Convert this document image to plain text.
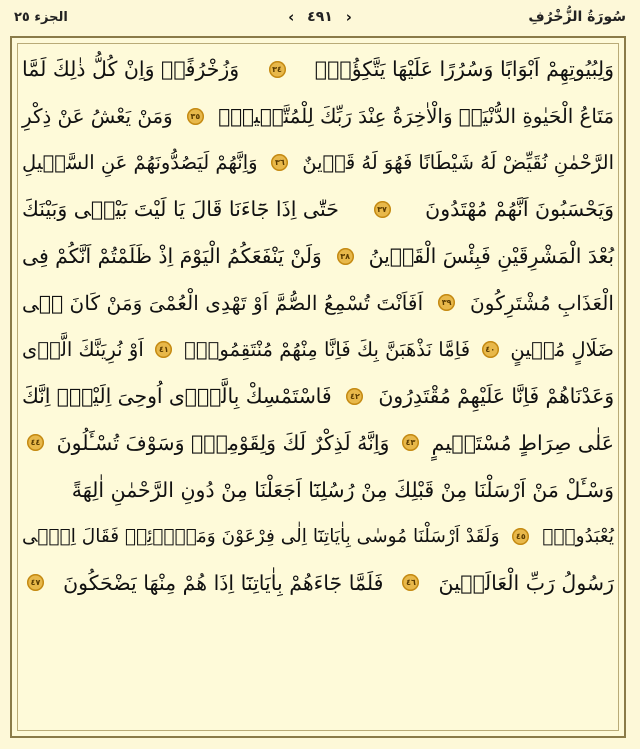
الجزء ٢٥	‹ ٤٩١ ›	سُورَةُ الزُّخْرُفِ
وَلِبُيُوتِهِمْ اَبْوَابًا وَسُرُرًا عَلَيْهَا يَتَّكِؤُنَۙ
٣٤
وَزُخْرُفًاۜ وَاِنْ كُلُّ ذٰلِكَ لَمَّا
مَتَاعُ الْحَيٰوةِ الدُّنْيَاۜ وَالْاٰخِرَةُ عِنْدَ رَبِّكَ لِلْمُتَّقٖينَ۟
٣٥
وَمَنْ يَعْشُ عَنْ ذِكْرِ
الرَّحْمٰنِ نُقَيِّضْ لَهُ شَيْطَانًا فَهُوَ لَهُ قَرٖينٌ
٣٦
وَاِنَّهُمْ لَيَصُدُّونَهُمْ عَنِ السَّبٖيلِ
وَيَحْسَبُونَ اَنَّهُمْ مُهْتَدُونَ
٣٧
حَتّٰى اِذَا جَٓاءَنَا قَالَ يَا لَيْتَ بَيْنٖى وَبَيْنَكَ
بُعْدَ الْمَشْرِقَيْنِ فَبِئْسَ الْقَرٖينُ
٣٨
وَلَنْ يَنْفَعَكُمُ الْيَوْمَ اِذْ ظَلَمْتُمْ اَنَّكُمْ فِى
الْعَذَابِ مُشْتَرِكُونَ
٣٩
اَفَاَنْتَ تُسْمِعُ الصُّمَّ اَوْ تَهْدِى الْعُمْىَ وَمَنْ كَانَ فٖى
ضَلَالٍ مُبٖينٍ
٤٠
فَاِمَّا نَذْهَبَنَّ بِكَ فَاِنَّا مِنْهُمْ مُنْتَقِمُونَۙ
٤١
اَوْ نُرِيَنَّكَ الَّذٖى
وَعَدْنَاهُمْ فَاِنَّا عَلَيْهِمْ مُقْتَدِرُونَ
٤٢
فَاسْتَمْسِكْ بِالَّذٖٓى اُوحِىَ اِلَيْكَۚ اِنَّكَ
عَلٰى صِرَاطٍ مُسْتَقٖيمٍ
٤٣
وَاِنَّهُ لَذِكْرٌ لَكَ وَلِقَوْمِكَۚ وَسَوْفَ تُسْـَٔلُونَ
٤٤
وَسْـَٔلْ مَنْ اَرْسَلْنَا مِنْ قَبْلِكَ مِنْ رُسُلِنَٓا اَجَعَلْنَا مِنْ دُونِ الرَّحْمٰنِ اٰلِهَةً
يُعْبَدُونَ۟
٤٥
وَلَقَدْ اَرْسَلْنَا مُوسٰى بِاٰيَاتِنَٓا اِلٰى فِرْعَوْنَ وَمَلَا۬ئِهٖ فَقَالَ اِنّٖى
رَسُولُ رَبِّ الْعَالَمٖينَ
٤٦
فَلَمَّا جَٓاءَهُمْ بِاٰيَاتِنَٓا اِذَا هُمْ مِنْهَا يَضْحَكُونَ
٤٧
